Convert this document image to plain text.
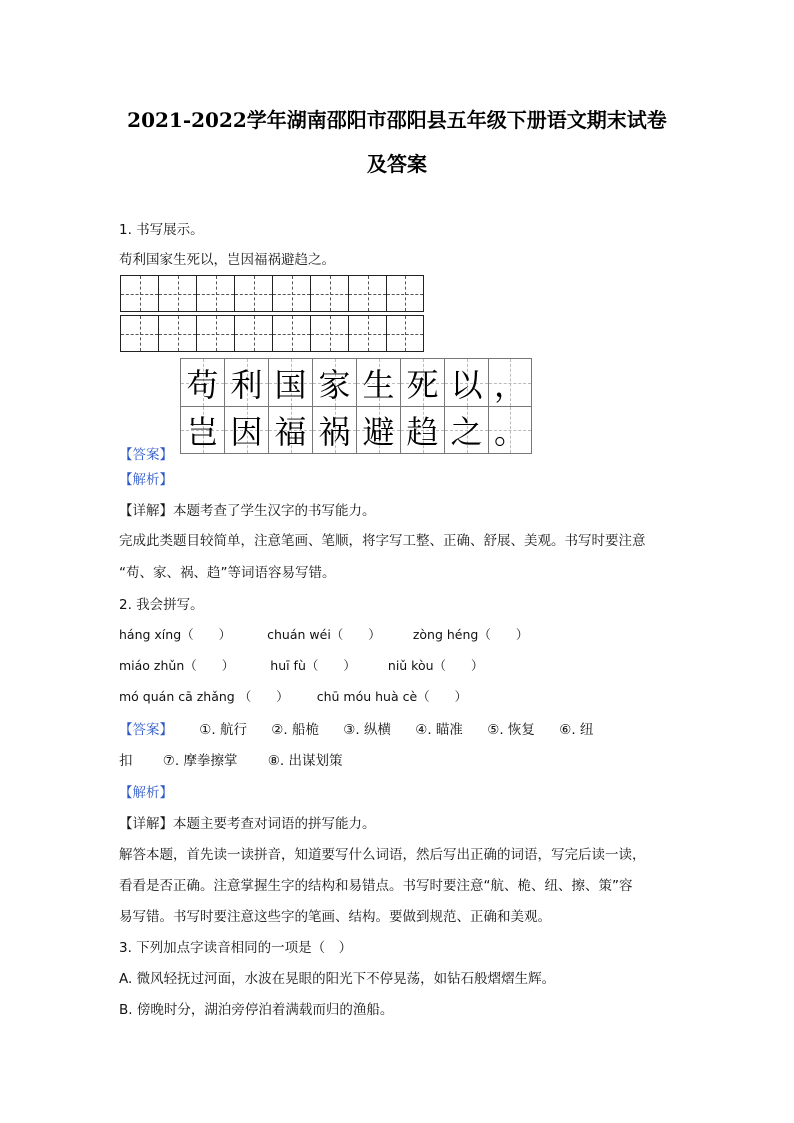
2021-2022学年湖南邵阳市邵阳县五年级下册语文期末试卷
及答案
1. 书写展示。
苟利国家生死以，岂因福祸避趋之。
苟 利 国 家 生 死 以 ，
岂 因 福 祸 避 趋 之 。
【答案】
【解析】
【详解】本题考查了学生汉字的书写能力。
完成此类题目较简单，注意笔画、笔顺，将字写工整、正确、舒展、美观。书写时要注意
“苟、家、祸、趋”等词语容易写错。
2. 我会拼写。
háng xíng（　　）	chuán wéi（　　）	zòng héng（　　）
miáo zhǔn（　　）	huī fù（　　）	niǔ kòu（　　）
mó quán cā zhǎng （　　） chū móu huà cè（　　）
【答案】 ①. 航行 ②. 船桅 ③. 纵横 ④. 瞄准 ⑤. 恢复 ⑥. 纽
扣 ⑦. 摩拳擦掌 ⑧. 出谋划策
【解析】
【详解】本题主要考查对词语的拼写能力。
解答本题，首先读一读拼音，知道要写什么词语，然后写出正确的词语，写完后读一读，
看看是否正确。注意掌握生字的结构和易错点。书写时要注意“航、桅、纽、擦、策”容
易写错。书写时要注意这些字的笔画、结构。要做到规范、正确和美观。
3. 下列加点字读音相同的一项是（　）
A. 微风轻抚过河面，水波在晃眼的阳光下不停晃荡，如钻石般熠熠生辉。
B. 傍晚时分，湖泊旁停泊着满载而归的渔船。
